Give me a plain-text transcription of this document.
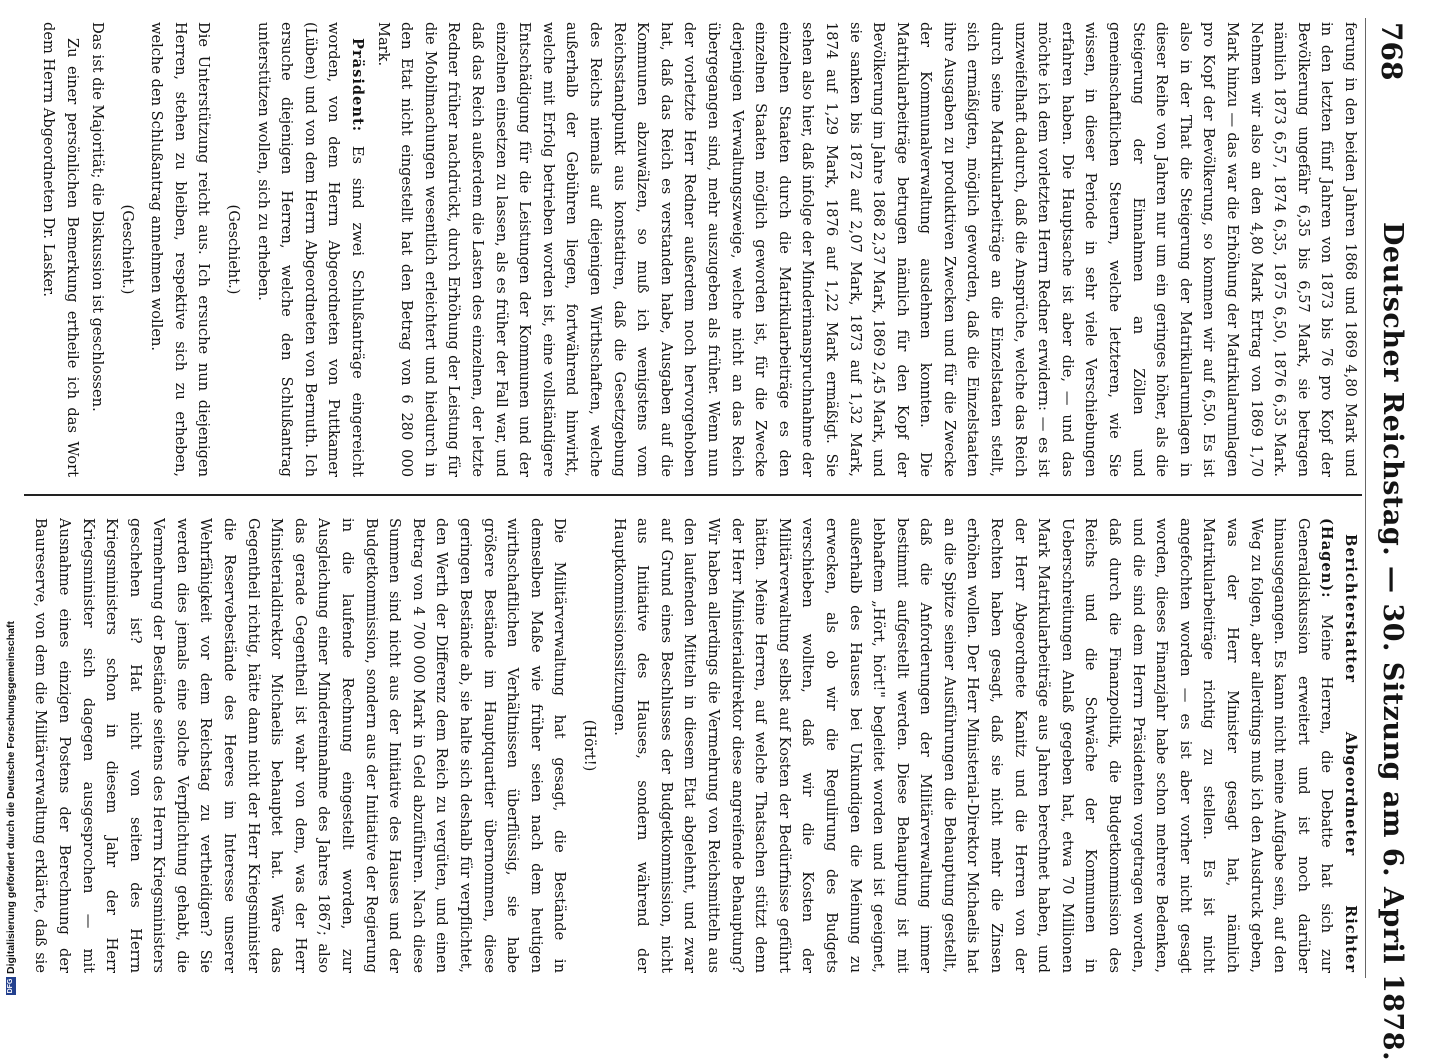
768
Deutscher Reichstag. — 30. Sitzung am 6. April 1878.

ferung in den beiden Jahren 1868 und 1869 4,80 Mark und in den letzten fünf Jahren von 1873 bis 76 pro Kopf der Bevölkerung ungefähr 6,35 bis 6,57 Mark, sie betragen nämlich 1873 6,57, 1874 6,35, 1875 6,50, 1876 6,35 Mark. Nehmen wir also an den 4,80 Mark Ertrag von 1869 1,70 Mark hinzu — das war die Erhöhung der Matrikularumlagen pro Kopf der Bevölkerung, so kommen wir auf 6,50. Es ist also in der That die Steigerung der Matrikularumlagen in dieser Reihe von Jahren nur um ein geringes höher, als die Steigerung der Einnahmen an Zöllen und gemeinschaftlichen Steuern, welche letzteren, wie Sie wissen, in dieser Periode in sehr viele Verschiebungen erfahren haben. Die Hauptsache ist aber die, — und das möchte ich dem vorletzten Herrn Redner erwidern: — es ist unzweifelhaft dadurch, daß die Ansprüche, welche das Reich durch seine Matrikularbeiträge an die Einzelstaaten stellt, sich ermäßigten, möglich geworden, daß die Einzelstaaten ihre Ausgaben zu produktiven Zwecken und für die Zwecke der Kommunalverwaltung ausdehnen konnten. Die Matrikularbeiträge betrugen nämlich für den Kopf der Bevölkerung im Jahre 1868 2,37 Mark, 1869 2,45 Mark, und sie sanken bis 1872 auf 2,07 Mark, 1873 auf 1,32 Mark, 1874 auf 1,29 Mark, 1876 auf 1,22 Mark ermäßigt. Sie sehen also hier, daß infolge der Minderinanspruchnahme der einzelnen Staaten durch die Matrikularbeiträge es den einzelnen Staaten möglich geworden ist, für die Zwecke derjenigen Verwaltungszweige, welche nicht an das Reich übergegangen sind, mehr auszugeben als früher. Wenn nun der vorletzte Herr Redner außerdem noch hervorgehoben hat, daß das Reich es verstanden habe, Ausgaben auf die Kommunen abzuwälzen, so muß ich wenigstens vom Reichsstandpunkt aus konstatiren, daß die Gesetzgebung des Reichs niemals auf diejenigen Wirthschaften, welche außerhalb der Gebühren liegen, fortwährend hinwirkt, welche mit Erfolg betrieben worden ist, eine vollständigere Entschädigung für die Leistungen der Kommunen und der einzelnen einsetzen zu lassen, als es früher der Fall war, und daß das Reich außerdem die Lasten des einzelnen, der letzte Redner früher nachdrückt, durch Erhöhung der Leistung für die Mobilmachungen wesentlich erleichtert und hiedurch in den Etat nicht eingestellt hat den Betrag von 6 280 000 Mark.

Präsident: Es sind zwei Schlußanträge eingereicht worden, von dem Herrn Abgeordneten von Puttkamer (Lüben) und von dem Herrn Abgeordneten von Bernuth. Ich ersuche diejenigen Herren, welche den Schlußantrag unterstützen wollen, sich zu erheben.

(Geschieht.)

Die Unterstützung reicht aus. Ich ersuche nun diejenigen Herren, stehen zu bleiben, respektive sich zu erheben, welche den Schlußantrag annehmen wollen.

(Geschieht.)

Das ist die Majorität; die Diskussion ist geschlossen.

Zu einer persönlichen Bemerkung ertheile ich das Wort dem Herrn Abgeordneten Dr. Lasker.

Berichterstatter Abgeordneter Richter (Hagen): Meine Herren, die Debatte hat sich zur Generaldiskussion erweitert und ist noch darüber hinausgegangen. Es kann nicht meine Aufgabe sein, auf den Weg zu folgen, aber allerdings muß ich den Ausdruck geben, was der Herr Minister gesagt hat, nämlich Matrikularbeiträge richtig zu stellen. Es ist nicht angefochten worden — es ist aber vorher nicht gesagt worden, dieses Finanzjahr habe schon mehrere Bedenken, und die sind dem Herrn Präsidenten vorgetragen worden, daß durch die Finanzpolitik, die Budgetkommission des Reichs und die Schwäche der Kommunen in Ueberschreitungen Anlaß gegeben hat, etwa 70 Millionen Mark Matrikularbeiträge aus Jahren berechnet haben, und der Herr Abgeordnete Kanitz und die Herren von der Rechten haben gesagt, daß sie nicht mehr die Zinsen erhöhen wollen. Der Herr Ministerial-Direktor Michaelis hat an die Spitze seiner Ausführungen die Behauptung gestellt, daß die Anforderungen der Militärverwaltung immer bestimmt aufgestellt werden. Diese Behauptung ist mit lebhaftem „Hört, hört!" begleitet worden und ist geeignet, außerhalb des Hauses bei Unkundigen die Meinung zu erwecken, als ob wir die Regulirung des Budgets verschieben wollten, daß wir die Kosten der Militärverwaltung selbst auf Kosten der Bedürfnisse geführt hätten. Meine Herren, auf welche Thatsachen stützt denn der Herr Ministerialdirektor diese angreifende Behauptung? Wir haben allerdings die Vermehrung von Reichsmitteln aus den laufenden Mitteln in diesem Etat abgelehnt, und zwar auf Grund eines Beschlusses der Budgetkommission, nicht aus Initiative des Hauses, sondern während der Hauptkommissionssitzungen.

(Hört!)

Die Militärverwaltung hat gesagt, die Bestände in demselben Maße wie früher seien nach dem heutigen wirthschaftlichen Verhältnissen überflüssig, sie habe größere Bestände im Hauptquartier übernommen, diese geringen Bestände ab, sie halte sich deshalb für verpflichtet, den Werth der Differenz dem Reich zu vergüten, und einen Betrag von 4 700 000 Mark in Geld abzuführen. Nach diese Summen sind nicht aus der Initiative des Hauses und der Budgetkommission, sondern aus der Initiative der Regierung in die laufende Rechnung eingestellt worden, zur Ausgleichung einer Mindereinnahme des Jahres 1867; also das gerade Gegentheil ist wahr von dem, was der Herr Ministerialdirektor Michaelis behauptet hat. Wäre das Gegentheil richtig, hätte dann nicht der Herr Kriegsminister die Reservebestände des Heeres im Interesse unserer Wehrfähigkeit vor dem Reichstag zu vertheidigen? Sie werden dies jemals eine solche Verpflichtung gehabt, die Vermehrung der Bestände seitens des Herrn Kriegsministers geschehen ist? Hat nicht von seiten des Herrn Kriegsministers schon in diesem Jahr der Herr Kriegsminister sich dagegen ausgesprochen — mit Ausnahme eines einzigen Postens der Berechnung der Baureserve, von dem die Militärverwaltung erklärte, daß sie

DFGDigitalisierung gefördert durch die Deutsche Forschungsgemeinschaft
